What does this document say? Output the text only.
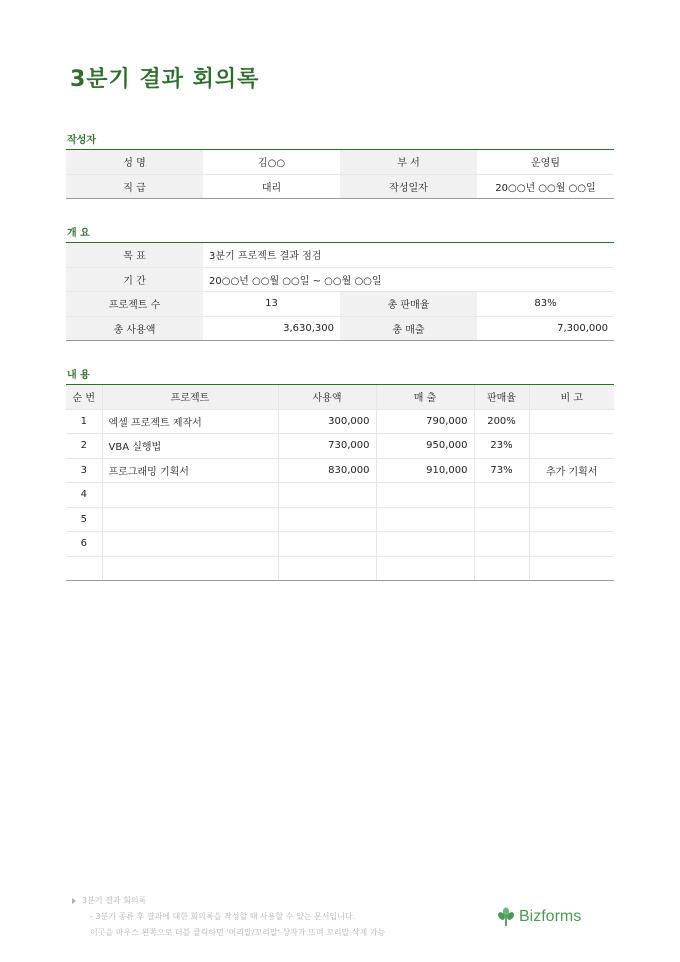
3분기 결과 회의록
작성자
성 명	김○○	부 서	운영팀
직 급	대리	작성일자	20○○년 ○○월 ○○일
개 요
목 표	3분기 프로젝트 결과 점검		
기 간	20○○년 ○○월 ○○일 ~ ○○월 ○○일		
프로젝트 수	13	총 판매율	83%
총 사용액	3,630,300	총 매출	7,300,000
내 용
순 번	프로젝트	사용액	매 출	판매율	비 고
1	엑셀 프로젝트 제작서	300,000	790,000	200%	
2	VBA 실행법	730,000	950,000	23%	
3	프로그래밍 기획서	830,000	910,000	73%	추가 기획서
4					
5					
6					

3분기 결과 회의록
- 3분기 종류 후 결과에 대한 회의록을 작성할 때 사용할 수 있는 문서입니다.
이곳을 마우스 왼쪽으로 더블 클릭하면 '머리말/꼬리말' 상자가 뜨며 꼬리말 삭제 가능
Bizforms
